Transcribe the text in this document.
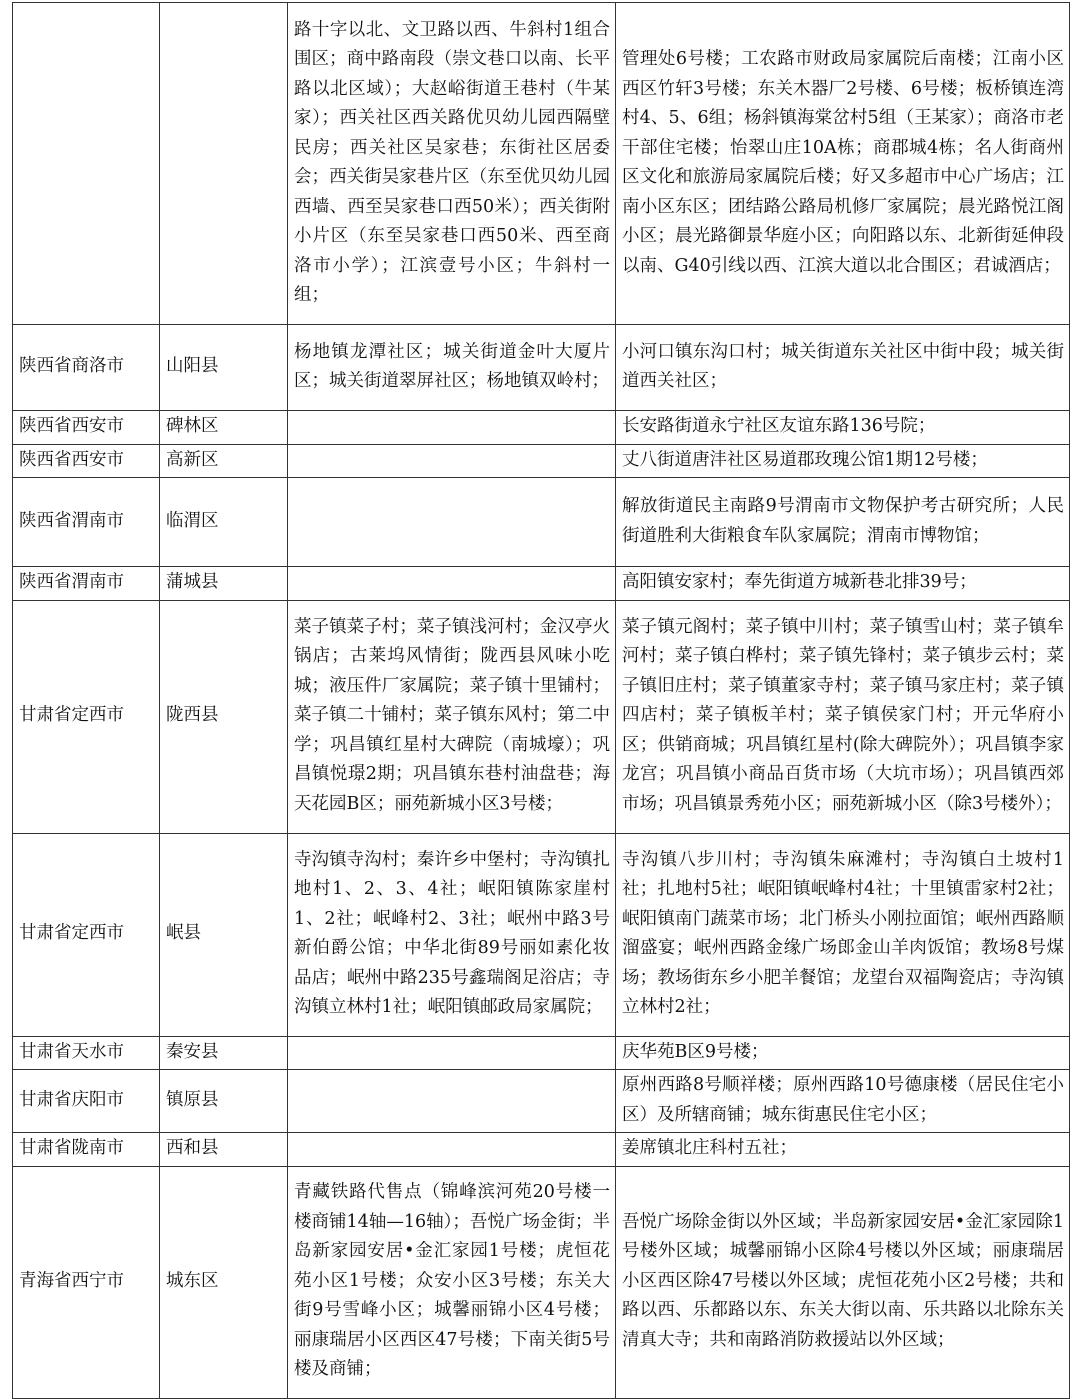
		路十字以北、文卫路以西、牛斜村1组合围区；商中路南段（崇文巷口以南、长平路以北区域）；大赵峪街道王巷村（牛某家）；西关社区西关路优贝幼儿园西隔壁民房；西关社区吴家巷；东街社区居委会；西关街吴家巷片区（东至优贝幼儿园西墙、西至吴家巷口西50米）；西关街附小片区（东至吴家巷口西50米、西至商洛市小学）；江滨壹号小区；牛斜村一组；	管理处6号楼；工农路市财政局家属院后南楼；江南小区西区竹轩3号楼；东关木器厂2号楼、6号楼；板桥镇连湾村4、5、6组；杨斜镇海棠岔村5组（王某家）；商洛市老干部住宅楼；怡翠山庄10A栋；商郡城4栋；名人街商州区文化和旅游局家属院后楼；好又多超市中心广场店；江南小区东区；团结路公路局机修厂家属院；晨光路悦江阁小区；晨光路御景华庭小区；向阳路以东、北新街延伸段以南、G40引线以西、江滨大道以北合围区；君诚酒店；
陕西省商洛市	山阳县	杨地镇龙潭社区；城关街道金叶大厦片区；城关街道翠屏社区；杨地镇双岭村；	小河口镇东沟口村；城关街道东关社区中街中段；城关街道西关社区；
陕西省西安市	碑林区		长安路街道永宁社区友谊东路136号院；
陕西省西安市	高新区		丈八街道唐沣社区易道郡玫瑰公馆1期12号楼；
陕西省渭南市	临渭区		解放街道民主南路9号渭南市文物保护考古研究所；人民街道胜利大街粮食车队家属院；渭南市博物馆；
陕西省渭南市	蒲城县		高阳镇安家村；奉先街道方城新巷北排39号；
甘肃省定西市	陇西县	菜子镇菜子村；菜子镇浅河村；金汉亭火锅店；古莱坞风情街；陇西县风味小吃城；液压件厂家属院；菜子镇十里铺村；菜子镇二十铺村；菜子镇东风村；第二中学；巩昌镇红星村大碑院（南城壕）；巩昌镇悦璟2期；巩昌镇东巷村油盘巷；海天花园B区；丽苑新城小区3号楼；	菜子镇元阁村；菜子镇中川村；菜子镇雪山村；菜子镇牟河村；菜子镇白桦村；菜子镇先锋村；菜子镇步云村；菜子镇旧庄村；菜子镇董家寺村；菜子镇马家庄村；菜子镇四店村；菜子镇板羊村；菜子镇侯家门村；开元华府小区；供销商城；巩昌镇红星村(除大碑院外）；巩昌镇李家龙宫；巩昌镇小商品百货市场（大坑市场）；巩昌镇西郊市场；巩昌镇景秀苑小区；丽苑新城小区（除3号楼外）；
甘肃省定西市	岷县	寺沟镇寺沟村；秦许乡中堡村；寺沟镇扎地村1、2、3、4社；岷阳镇陈家崖村1、2社；岷峰村2、3社；岷州中路3号新伯爵公馆；中华北街89号丽如素化妆品店；岷州中路235号鑫瑞阁足浴店；寺沟镇立林村1社；岷阳镇邮政局家属院；	寺沟镇八步川村；寺沟镇朱麻滩村；寺沟镇白土坡村1社；扎地村5社；岷阳镇岷峰村4社；十里镇雷家村2社；岷阳镇南门蔬菜市场；北门桥头小刚拉面馆；岷州西路顺溜盛宴；岷州西路金缘广场郎金山羊肉饭馆；教场8号煤场；教场街东乡小肥羊餐馆；龙望台双福陶瓷店；寺沟镇立林村2社；
甘肃省天水市	秦安县		庆华苑B区9号楼；
甘肃省庆阳市	镇原县		原州西路8号顺祥楼；原州西路10号德康楼（居民住宅小区）及所辖商铺；城东街惠民住宅小区；
甘肃省陇南市	西和县		姜席镇北庄科村五社；
青海省西宁市	城东区	青藏铁路代售点（锦峰滨河苑20号楼一楼商铺14轴—16轴）；吾悦广场金街；半岛新家园安居•金汇家园1号楼；虎恒花苑小区1号楼；众安小区3号楼；东关大街9号雪峰小区；城馨丽锦小区4号楼；丽康瑞居小区西区47号楼；下南关街5号楼及商铺；	吾悦广场除金街以外区域；半岛新家园安居•金汇家园除1号楼外区域；城馨丽锦小区除4号楼以外区域；丽康瑞居小区西区除47号楼以外区域；虎恒花苑小区2号楼；共和路以西、乐都路以东、东关大街以南、乐共路以北除东关清真大寺；共和南路消防救援站以外区域；
